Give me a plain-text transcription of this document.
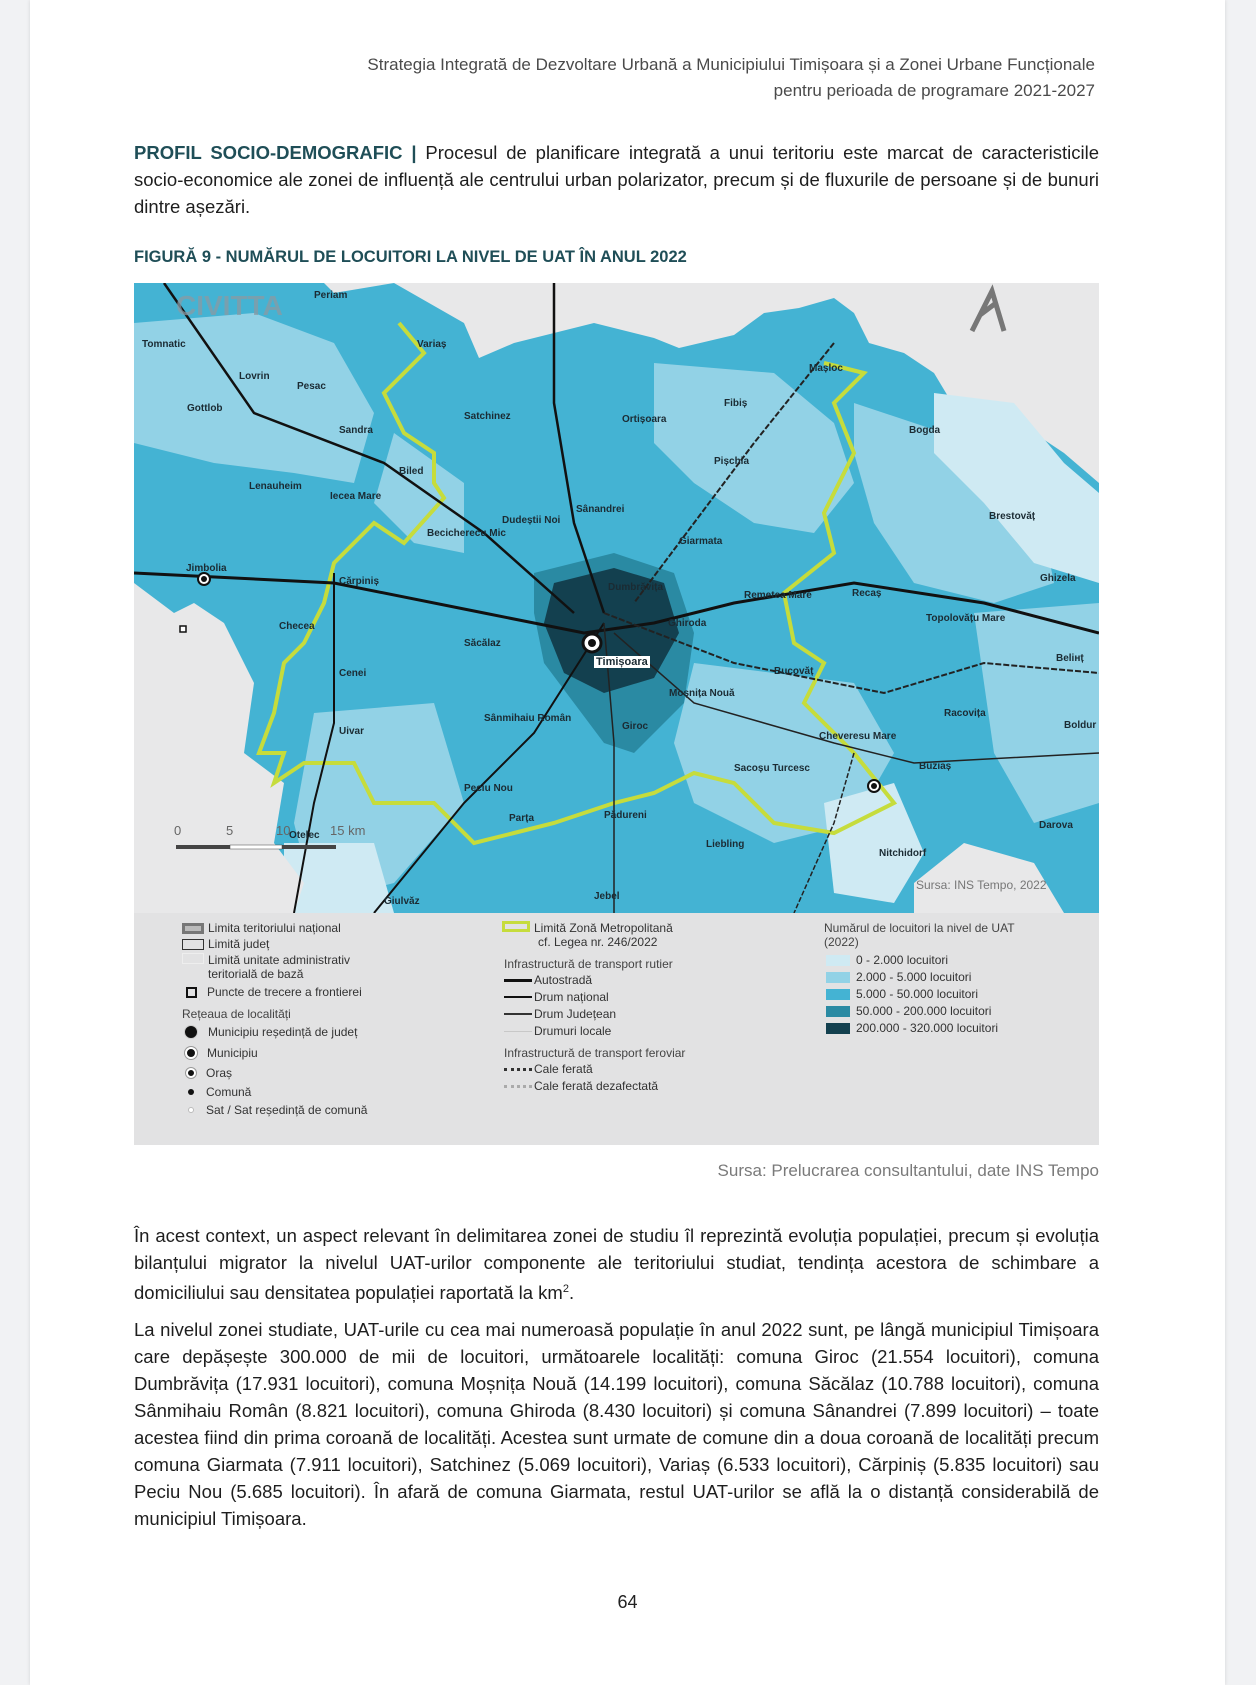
Strategia Integrată de Dezvoltare Urbană a Municipiului Timișoara și a Zonei Urbane Funcționale
pentru perioada de programare 2021-2027
PROFIL SOCIO-DEMOGRAFIC | Procesul de planificare integrată a unui teritoriu este marcat de caracteristicile socio-economice ale zonei de influență ale centrului urban polarizator, precum și de fluxurile de persoane și de bunuri dintre așezări.
FIGURĂ 9 - NUMĂRUL DE LOCUITORI LA NIVEL DE UAT ÎN ANUL 2022
CIVITTA
0	5	10	15 km
Sursa: INS Tempo, 2022
Periam
Tomnatic	Variaș
Lovrin
Pesac
Gottlob
Satchinez
Sandra
Ortișoara
Mașloc
Fibiș
Bogda
Biled
Lenauheim
Iecea Mare
Pișchia
Sânandrei
Dudeștii Noi
Becicherecu Mic
Giarmata
Brestovăț
Jimbolia
Cărpiniș
Dumbrăvița
Remetea Mare	Recaș
Ghizela
Cheсea	Ghiroda	Topolovățu Mare
Săcălaz
Timișoara
Bucovăț
Beliнț
Cenei
Moșnița Nouă
Racovița
Sânmihaiu Român
Giroc	Boldur
Uivar	Cheveresu Mare
Buziaș
Sacoșu Turcesc
Peciu Nou
Pădureni
Parța
Darova
Otelec
Liebling
Nitchidorf
Giulvăz	Jebel
Limita teritoriului național
Limită județ
Limită unitate administrativ teritorială de bază
Puncte de trecere a frontierei
Rețeaua de localități
Municipiu reședință de județ
Municipiu
Oraș
Comună
Sat / Sat reședință de comună
Limită Zonă Metropolitană
cf. Legea nr. 246/2022
Infrastructură de transport rutier
Autostradă
Drum național
Drum Județean
Drumuri locale
Infrastructură de transport feroviar
Cale ferată
Cale ferată dezafectată
Numărul de locuitori la nivel de UAT
(2022)
0 - 2.000 locuitori
2.000 - 5.000 locuitori
5.000 - 50.000 locuitori
50.000 - 200.000 locuitori
200.000 - 320.000 locuitori
Sursa: Prelucrarea consultantului, date INS Tempo
În acest context, un aspect relevant în delimitarea zonei de studiu îl reprezintă evoluția populației, precum și evoluția bilanțului migrator la nivelul UAT-urilor componente ale teritoriului studiat, tendința acestora de schimbare a domiciliului sau densitatea populației raportată la $km^2$.
La nivelul zonei studiate, UAT-urile cu cea mai numeroasă populație în anul 2022 sunt, pe lângă municipiul Timișoara care depășește 300.000 de mii de locuitori, următoarele localități: comuna Giroc (21.554 locuitori), comuna Dumbrăvița (17.931 locuitori), comuna Moșnița Nouă (14.199 locuitori), comuna Săcălaz (10.788 locuitori), comuna Sânmihaiu Român (8.821 locuitori), comuna Ghiroda (8.430 locuitori) și comuna Sânandrei (7.899 locuitori) – toate acestea fiind din prima coroană de localități. Acestea sunt urmate de comune din a doua coroană de localități precum comuna Giarmata (7.911 locuitori), Satchinez (5.069 locuitori), Variaș (6.533 locuitori), Cărpiniș (5.835 locuitori) sau Peciu Nou (5.685 locuitori). În afară de comuna Giarmata, restul UAT-urilor se află la o distanță considerabilă de municipiul Timișoara.
64
